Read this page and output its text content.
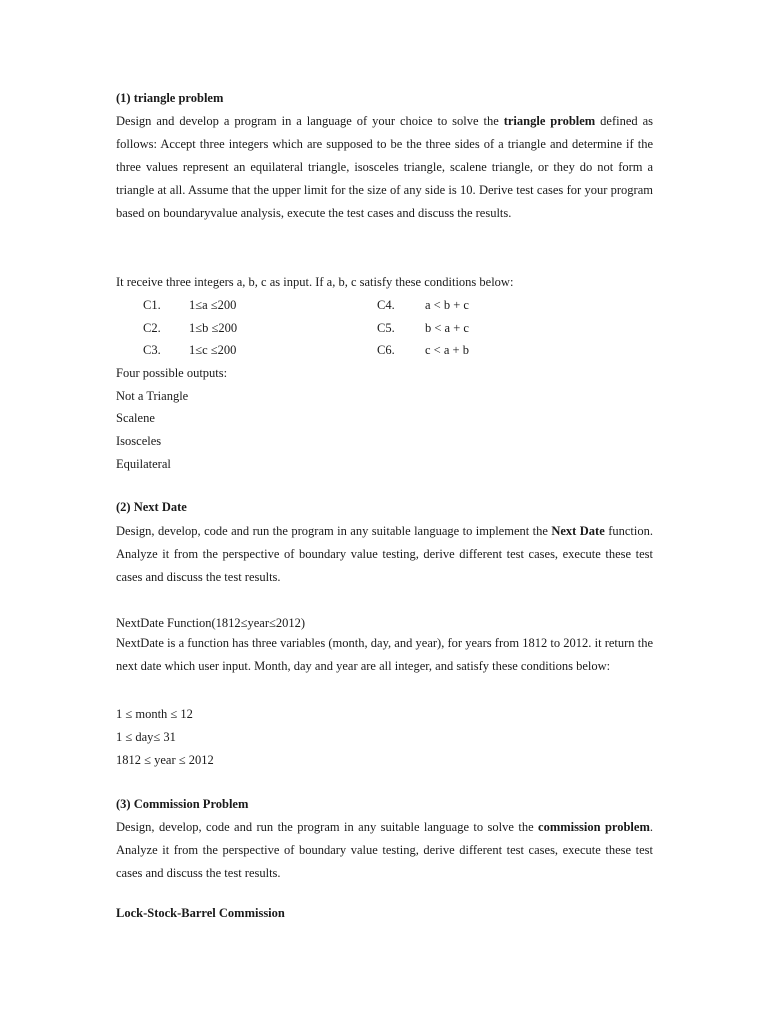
(1) triangle problem

Design and develop a program in a language of your choice to solve the triangle problem defined as follows: Accept three integers which are supposed to be the three sides of a triangle and determine if the three values represent an equilateral triangle, isosceles triangle, scalene triangle, or they do not form a triangle at all. Assume that the upper limit for the size of any side is 10. Derive test cases for your program based on boundaryvalue analysis, execute the test cases and discuss the results.

It receive three integers a, b, c as input. If a, b, c satisfy these conditions below:
C1. 1≤a ≤200
C2. 1≤b ≤200
C3. 1≤c ≤200
C4. a < b + c
C5. b < a + c
C6. c < a + b
Four possible outputs:
Not a Triangle
Scalene
Isosceles
Equilateral
(2) Next Date

Design, develop, code and run the program in any suitable language to implement the Next Date function. Analyze it from the perspective of boundary value testing, derive different test cases, execute these test cases and discuss the test results.

NextDate Function(1812≤year≤2012)

NextDate is a function has three variables (month, day, and year), for years from 1812 to 2012. it return the next date which user input. Month, day and year are all integer, and satisfy these conditions below:

1 ≤ month ≤ 12
1 ≤ day≤ 31
1812 ≤ year ≤ 2012
(3) Commission Problem

Design, develop, code and run the program in any suitable language to solve the commission problem. Analyze it from the perspective of boundary value testing, derive different test cases, execute these test cases and discuss the test results.

Lock-Stock-Barrel Commission
